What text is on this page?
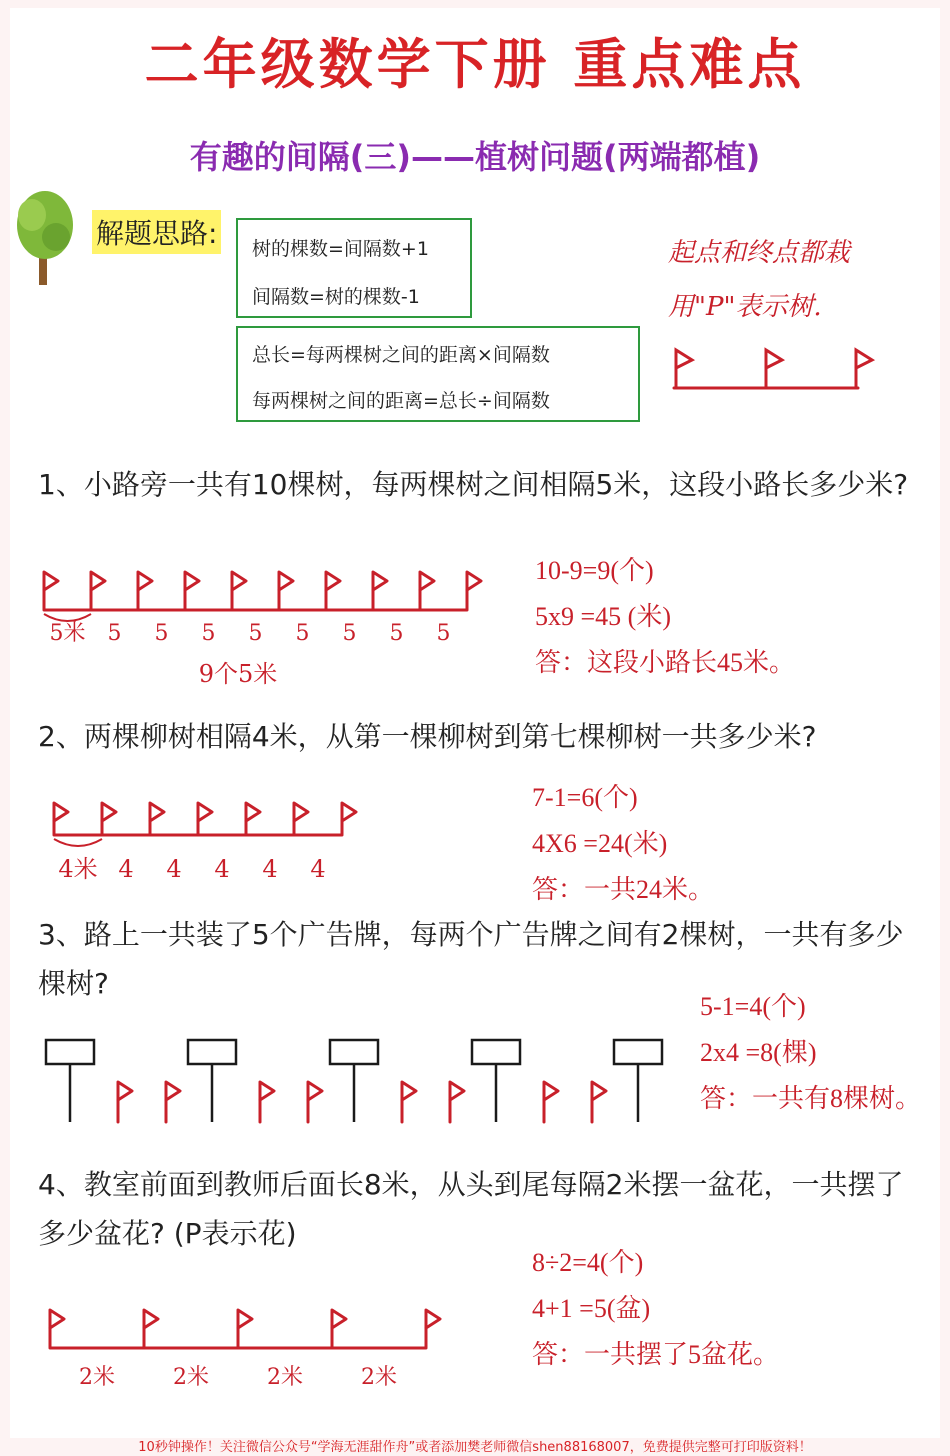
二年级数学下册 重点难点
有趣的间隔(三)——植树问题(两端都植)
解题思路: 树的棵数=间隔数+1
间隔数=树的棵数-1
总长=每两棵树之间的距离×间隔数
每两棵树之间的距离=总长÷间隔数
起点和终点都栽
用"P"表示树.
1、小路旁一共有10棵树，每两棵树之间相隔5米，这段小路长多少米?
5米 5 5 5 5 5 5 5 5
9个5米
10-9=9(个)
5x9 =45 (米)
答：这段小路长45米。
2、两棵柳树相隔4米，从第一棵柳树到第七棵柳树一共多少米?
4米 4 4 4 4 4
7-1=6(个)
4X6 =24(米)
答：一共24米。
3、路上一共装了5个广告牌，每两个广告牌之间有2棵树，一共有多少棵树?
5-1=4(个)
2x4 =8(棵)
答：一共有8棵树。
4、教室前面到教师后面长8米，从头到尾每隔2米摆一盆花，一共摆了多少盆花? (P表示花)
2米	2米	2米	2米
8÷2=4(个)
4+1 =5(盆)
答：一共摆了5盆花。
10秒钟操作！关注微信公众号“学海无涯甜作舟”或者添加樊老师微信shen88168007，免费提供完整可打印版资料！
